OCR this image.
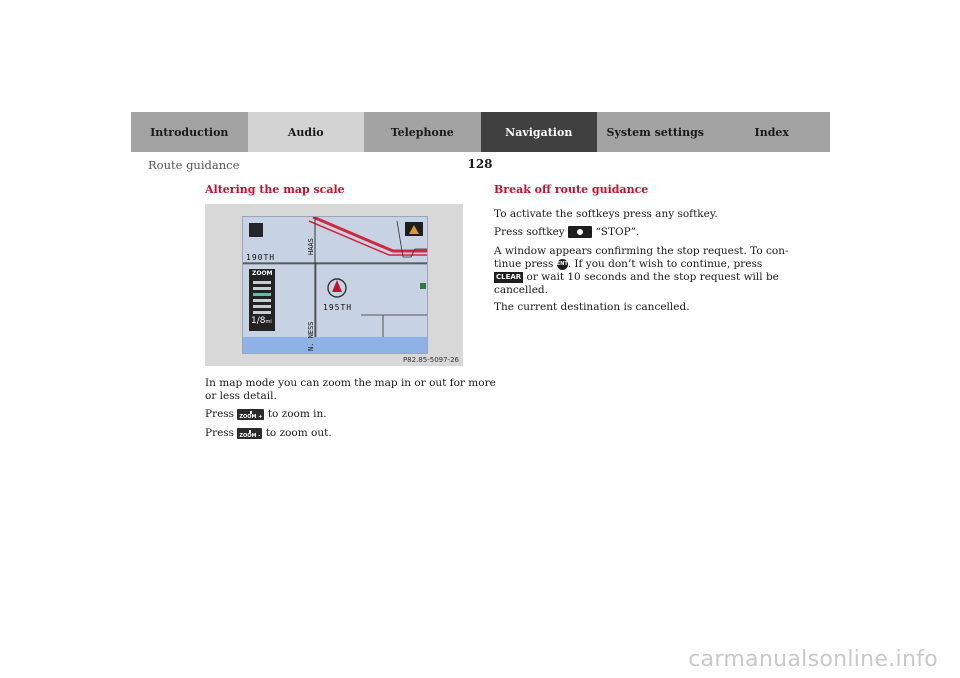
Introduction	Audio	Telephone	Navigation	System settings	Index
128
Route guidance
Altering the map scale
190TH
195TH
HAAS
N. NESS
ZOOM
1/8mi
P82.85-5097-26
In map mode you can zoom the map in or out for more
or less detail.
Press ZOOM + to zoom in.
Press ZOOM - to zoom out.
Break off route guidance
To activate the softkeys press any softkey.
Press softkey	“STOP”.
A window appears confirming the stop request. To con-
tinue press ENT. If you don’t wish to continue, press
CLEAR or wait 10 seconds and the stop request will be
cancelled.
The current destination is cancelled.
carmanualsonline.info
